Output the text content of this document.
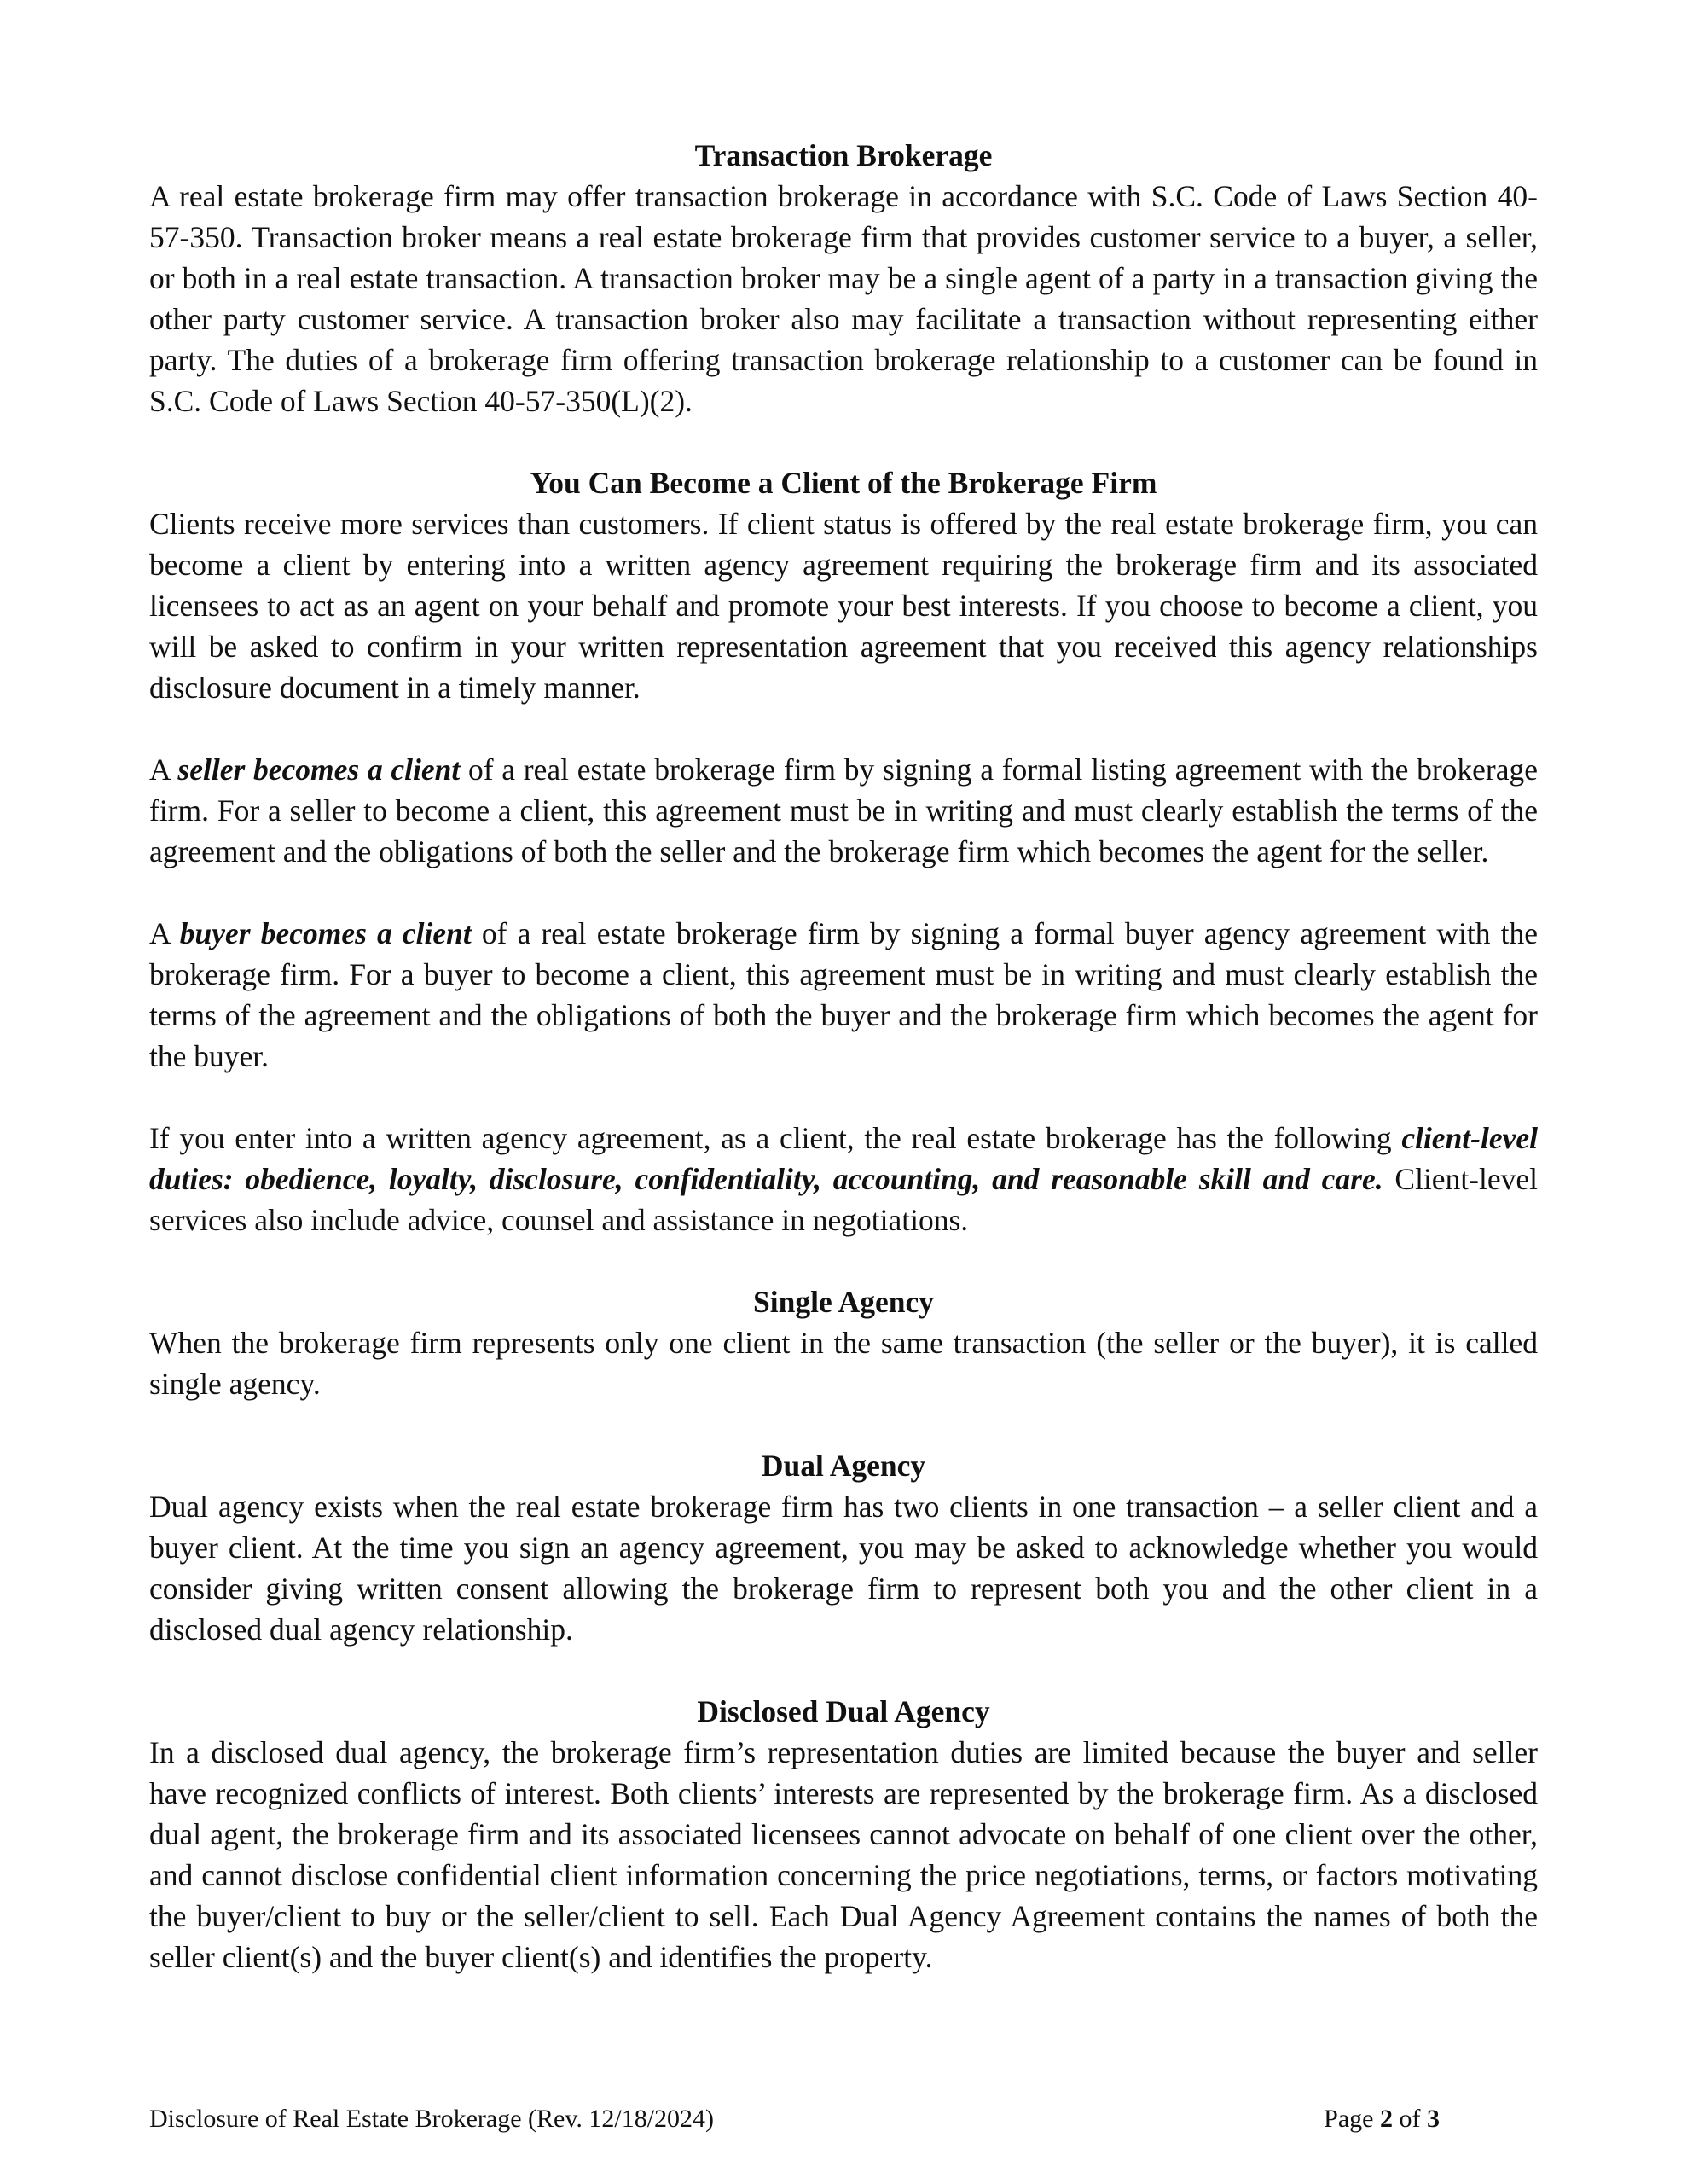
Transaction Brokerage

A real estate brokerage firm may offer transaction brokerage in accordance with S.C. Code of Laws Section 40- 57-350. Transaction broker means a real estate brokerage firm that provides customer service to a buyer, a seller, or both in a real estate transaction. A transaction broker may be a single agent of a party in a transaction giving the other party customer service. A transaction broker also may facilitate a transaction without representing either party. The duties of a brokerage firm offering transaction brokerage relationship to a customer can be found in S.C. Code of Laws Section 40-57-350(L)(2).

You Can Become a Client of the Brokerage Firm

Clients receive more services than customers. If client status is offered by the real estate brokerage firm, you can become a client by entering into a written agency agreement requiring the brokerage firm and its associated licensees to act as an agent on your behalf and promote your best interests. If you choose to become a client, you will be asked to confirm in your written representation agreement that you received this agency relationships disclosure document in a timely manner.

A seller becomes a client of a real estate brokerage firm by signing a formal listing agreement with the brokerage firm. For a seller to become a client, this agreement must be in writing and must clearly establish the terms of the agreement and the obligations of both the seller and the brokerage firm which becomes the agent for the seller.

A buyer becomes a client of a real estate brokerage firm by signing a formal buyer agency agreement with the brokerage firm. For a buyer to become a client, this agreement must be in writing and must clearly establish the terms of the agreement and the obligations of both the buyer and the brokerage firm which becomes the agent for the buyer.

If you enter into a written agency agreement, as a client, the real estate brokerage has the following client-level duties: obedience, loyalty, disclosure, confidentiality, accounting, and reasonable skill and care. Client-level services also include advice, counsel and assistance in negotiations.

Single Agency

When the brokerage firm represents only one client in the same transaction (the seller or the buyer), it is called single agency.

Dual Agency

Dual agency exists when the real estate brokerage firm has two clients in one transaction – a seller client and a buyer client. At the time you sign an agency agreement, you may be asked to acknowledge whether you would consider giving written consent allowing the brokerage firm to represent both you and the other client in a disclosed dual agency relationship.

Disclosed Dual Agency

In a disclosed dual agency, the brokerage firm’s representation duties are limited because the buyer and seller have recognized conflicts of interest. Both clients’ interests are represented by the brokerage firm. As a disclosed dual agent, the brokerage firm and its associated licensees cannot advocate on behalf of one client over the other, and cannot disclose confidential client information concerning the price negotiations, terms, or factors motivating the buyer/client to buy or the seller/client to sell. Each Dual Agency Agreement contains the names of both the seller client(s) and the buyer client(s) and identifies the property.

Disclosure of Real Estate Brokerage (Rev. 12/18/2024)	Page 2 of 3
